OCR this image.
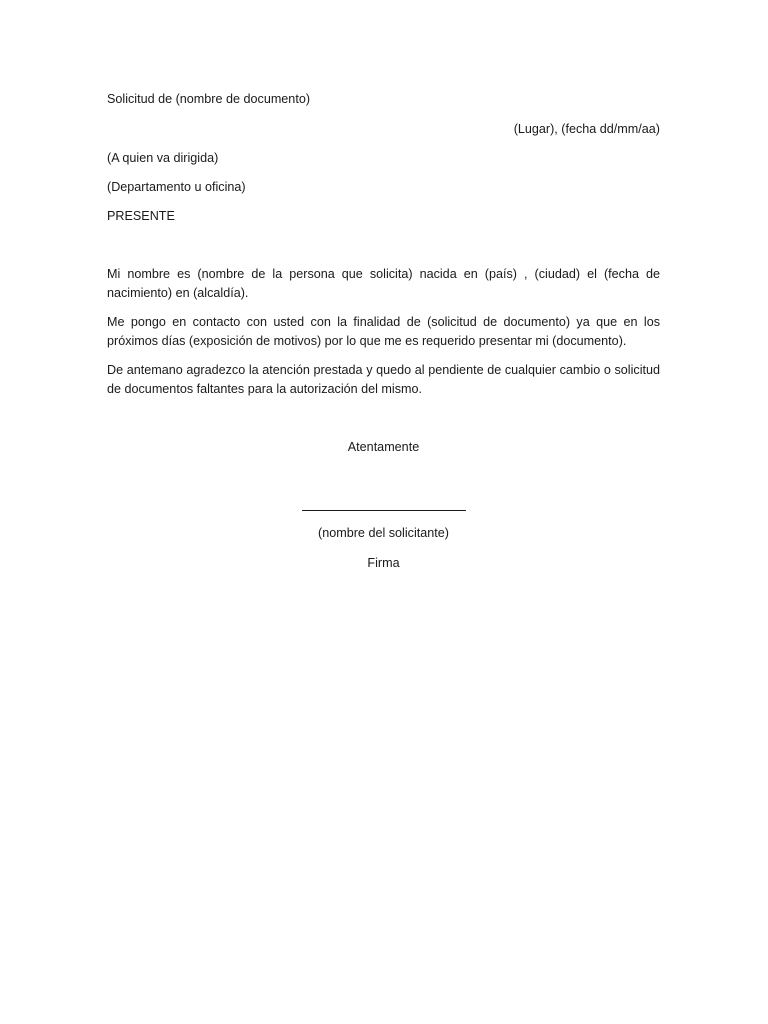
Solicitud de (nombre de documento)

(Lugar), (fecha dd/mm/aa)

(A quien va dirigida)

(Departamento u oficina)

PRESENTE

Mi nombre es (nombre de la persona que solicita) nacida en (país) , (ciudad) el (fecha de nacimiento) en (alcaldía).

Me pongo en contacto con usted con la finalidad de (solicitud de documento) ya que en los próximos días (exposición de motivos) por lo que me es requerido presentar mi (documento).

De antemano agradezco la atención prestada y quedo al pendiente de cualquier cambio o solicitud de documentos faltantes para la autorización del mismo.

Atentamente

(nombre del solicitante)

Firma
